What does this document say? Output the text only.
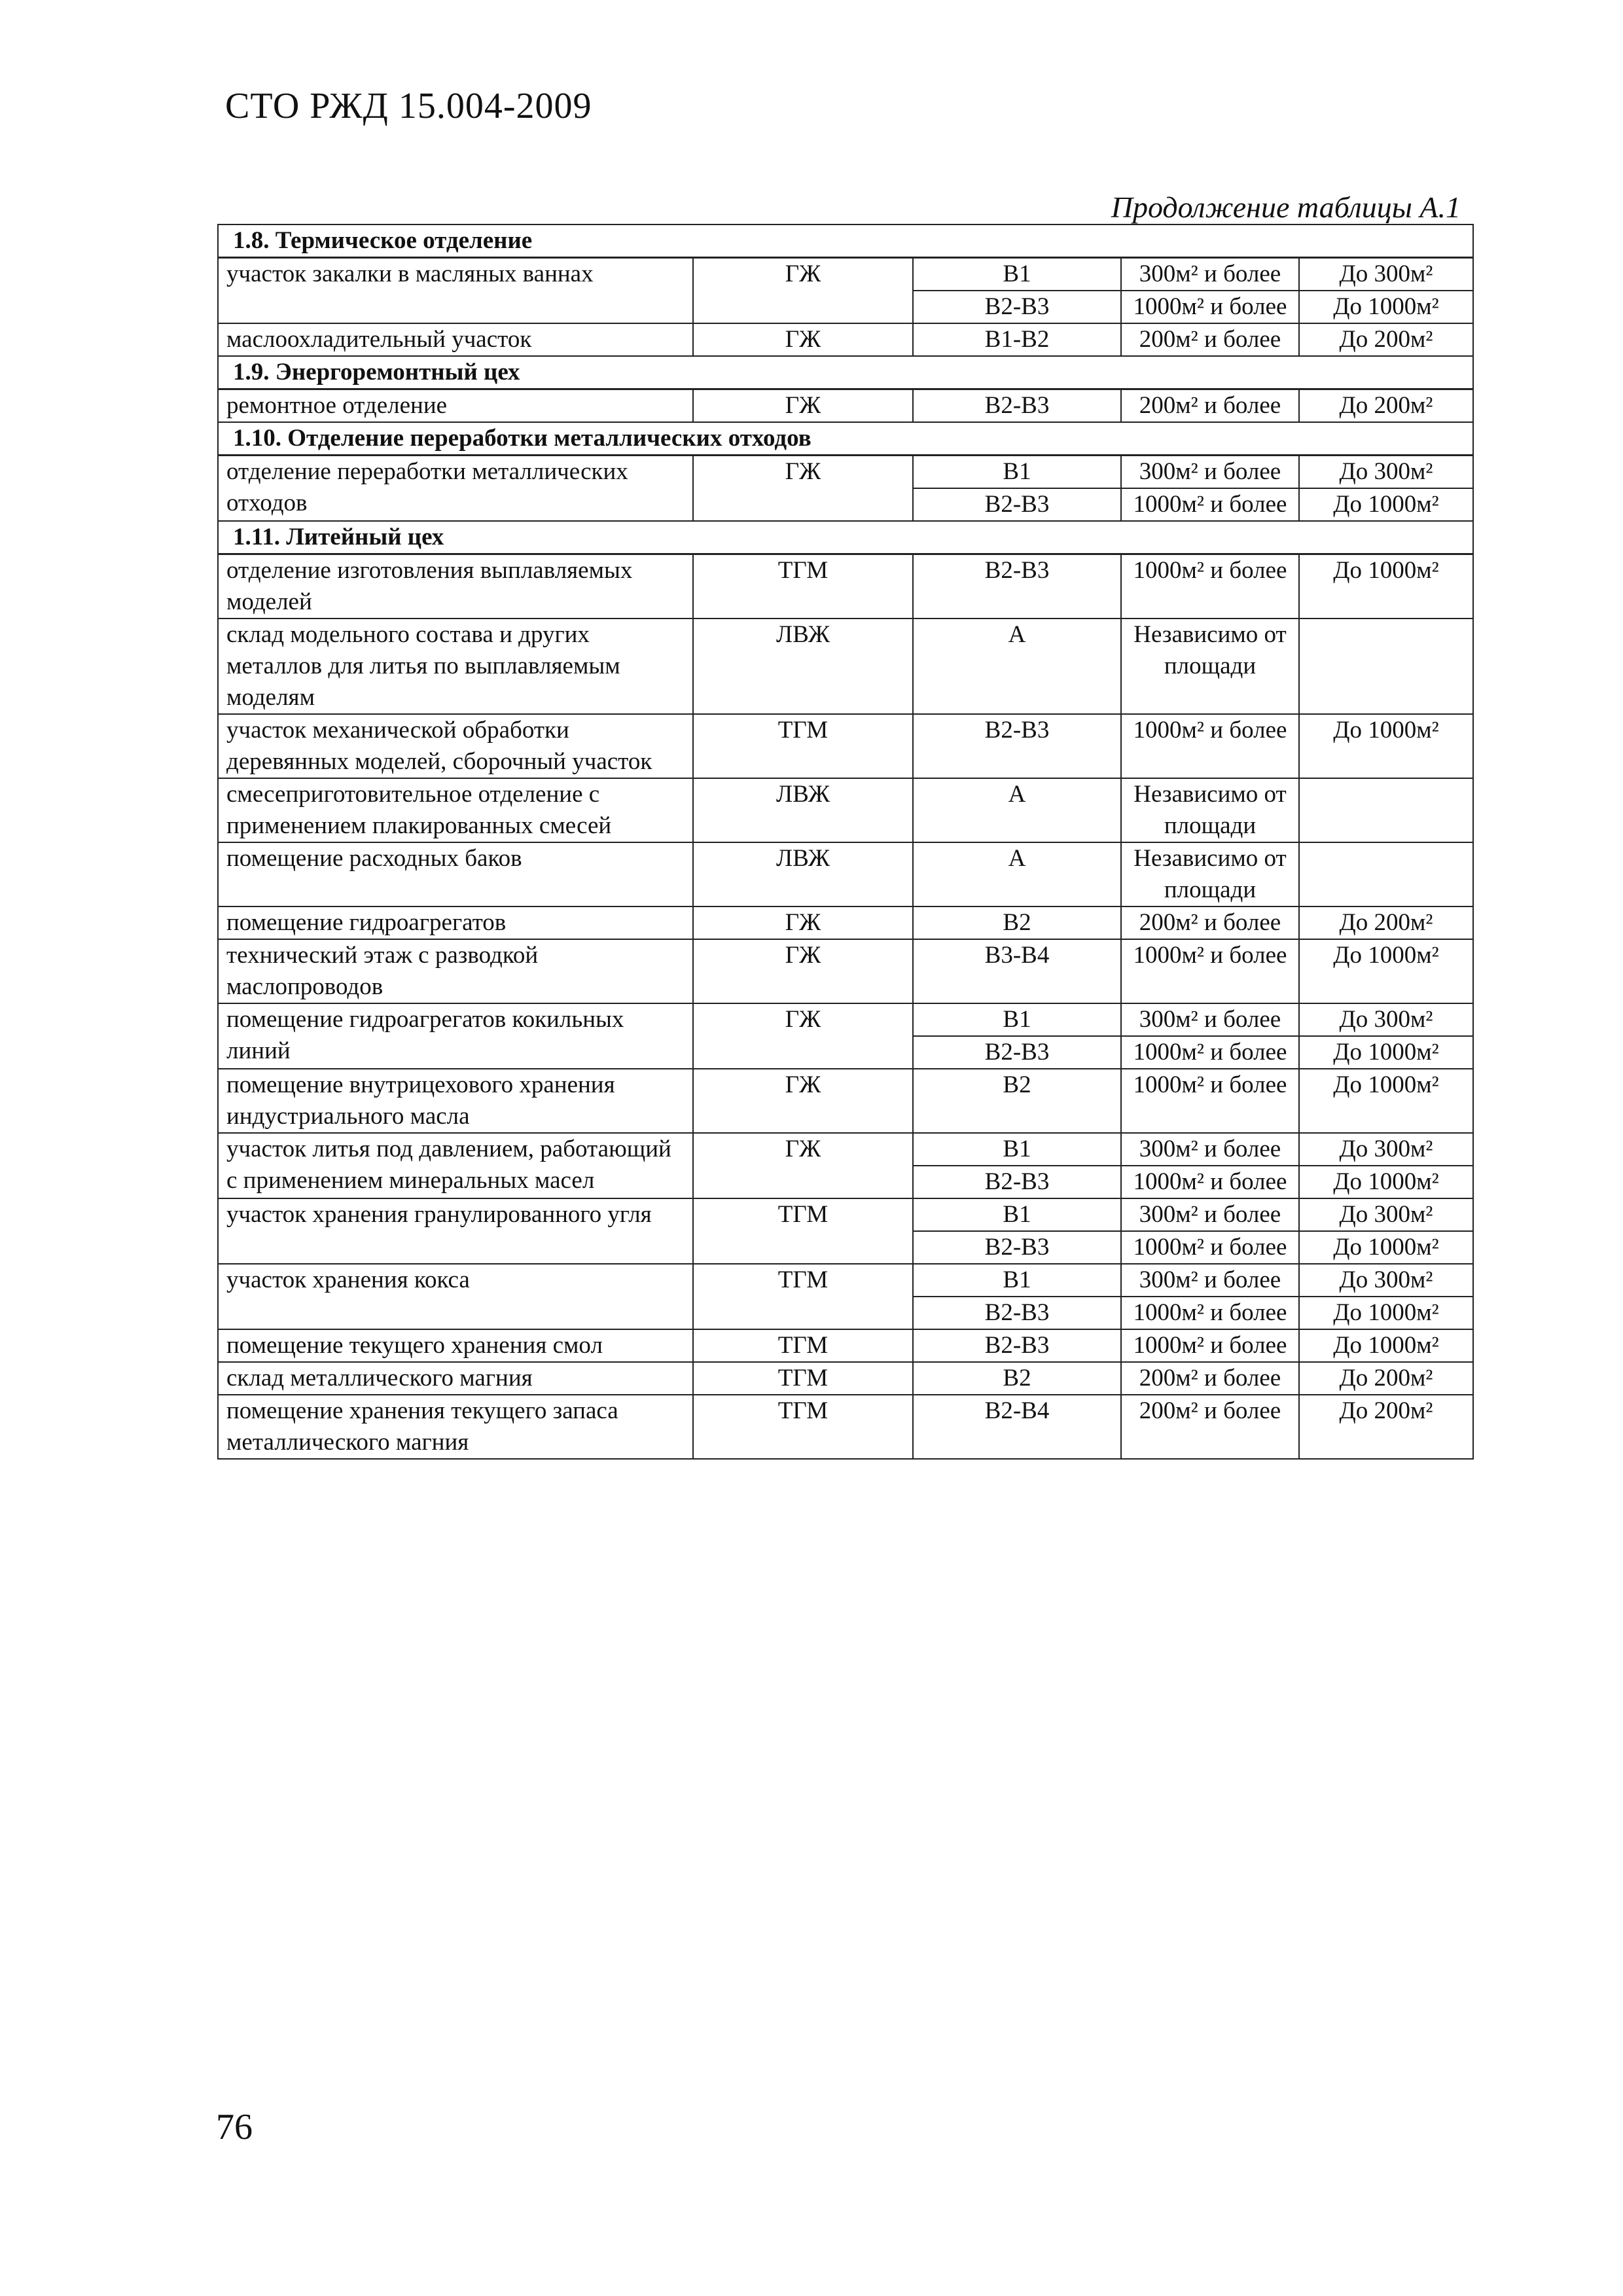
СТО РЖД 15.004-2009
Продолжение таблицы А.1
1.8. Термическое отделение				
участок закалки в масляных ваннах	ГЖ	В1	300м² и более	До 300м²
		В2-В3	1000м² и более	До 1000м²
маслоохладительный участок	ГЖ	В1-В2	200м² и более	До 200м²
1.9. Энергоремонтный цех				
ремонтное отделение	ГЖ	В2-В3	200м² и более	До 200м²
1.10. Отделение переработки металлических отходов				
отделение переработки металлических отходов	ГЖ	В1	300м² и более	До 300м²
		В2-В3	1000м² и более	До 1000м²
1.11. Литейный цех				
отделение изготовления выплавляемых моделей	ТГМ	В2-В3	1000м² и более	До 1000м²
склад модельного состава и других металлов для литья по выплавляемым моделям	ЛВЖ	А	Независимо от площади	
участок механической обработки деревянных моделей, сборочный участок	ТГМ	В2-В3	1000м² и более	До 1000м²
смесеприготовительное отделение с применением плакированных смесей	ЛВЖ	А	Независимо от площади	
помещение расходных баков	ЛВЖ	А	Независимо от площади	
помещение гидроагрегатов	ГЖ	В2	200м² и более	До 200м²
технический этаж с разводкой маслопроводов	ГЖ	В3-В4	1000м² и более	До 1000м²
помещение гидроагрегатов кокильных линий	ГЖ	В1	300м² и более	До 300м²
		В2-В3	1000м² и более	До 1000м²
помещение внутрицехового хранения индустриального масла	ГЖ	В2	1000м² и более	До 1000м²
участок литья под давлением, работающий с применением минеральных масел	ГЖ	В1	300м² и более	До 300м²
		В2-В3	1000м² и более	До 1000м²
участок хранения гранулированного угля	ТГМ	В1	300м² и более	До 300м²
		В2-В3	1000м² и более	До 1000м²
участок хранения кокса	ТГМ	В1	300м² и более	До 300м²
		В2-В3	1000м² и более	До 1000м²
помещение текущего хранения смол	ТГМ	В2-В3	1000м² и более	До 1000м²
склад металлического магния	ТГМ	В2	200м² и более	До 200м²
помещение хранения текущего запаса металлического магния	ТГМ	В2-В4	200м² и более	До 200м²
76
